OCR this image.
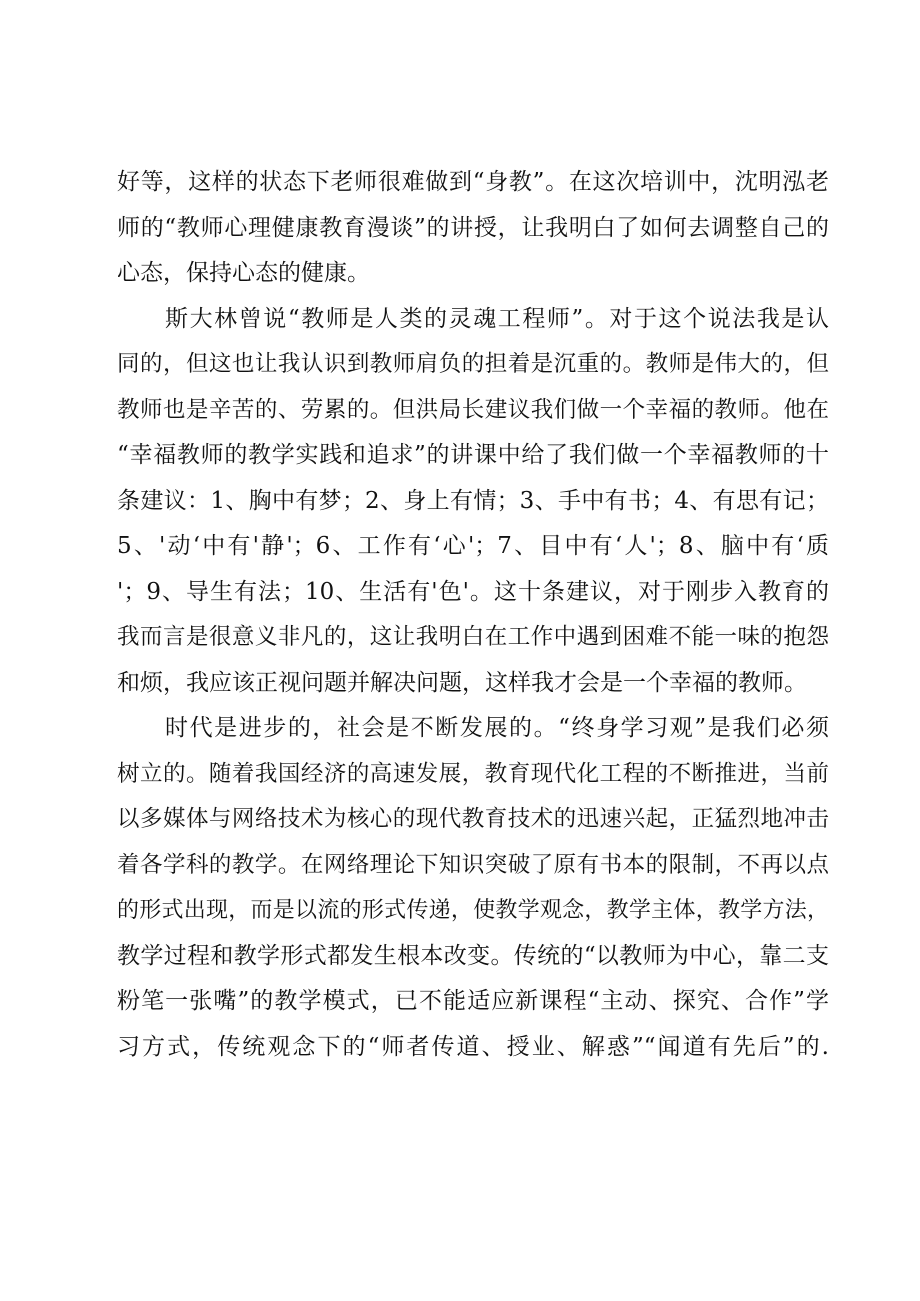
好等，这样的状态下老师很难做到“身教”。在这次培训中，沈明泓老
师的“教师心理健康教育漫谈”的讲授，让我明白了如何去调整自己的
心态，保持心态的健康。
斯大林曾说“教师是人类的灵魂工程师”。对于这个说法我是认
同的，但这也让我认识到教师肩负的担着是沉重的。教师是伟大的，但
教师也是辛苦的、劳累的。但洪局长建议我们做一个幸福的教师。他在
“幸福教师的教学实践和追求”的讲课中给了我们做一个幸福教师的十
条建议：1、胸中有梦；2、身上有情；3、手中有书；4、有思有记；
5、'动‘中有'静'；6、工作有‘心'；7、目中有‘人'；8、脑中有‘质
'；9、导生有法；10、生活有'色'。这十条建议，对于刚步入教育的
我而言是很意义非凡的，这让我明白在工作中遇到困难不能一味的抱怨
和烦，我应该正视问题并解决问题，这样我才会是一个幸福的教师。
时代是进步的，社会是不断发展的。“终身学习观”是我们必须
树立的。随着我国经济的高速发展，教育现代化工程的不断推进，当前
以多媒体与网络技术为核心的现代教育技术的迅速兴起，正猛烈地冲击
着各学科的教学。在网络理论下知识突破了原有书本的限制，不再以点
的形式出现，而是以流的形式传递，使教学观念，教学主体，教学方法，
教学过程和教学形式都发生根本改变。传统的“以教师为中心，靠二支
粉笔一张嘴”的教学模式，已不能适应新课程“主动、探究、合作”学
习方式，传统观念下的“师者传道、授业、解惑”“闻道有先后”的.
